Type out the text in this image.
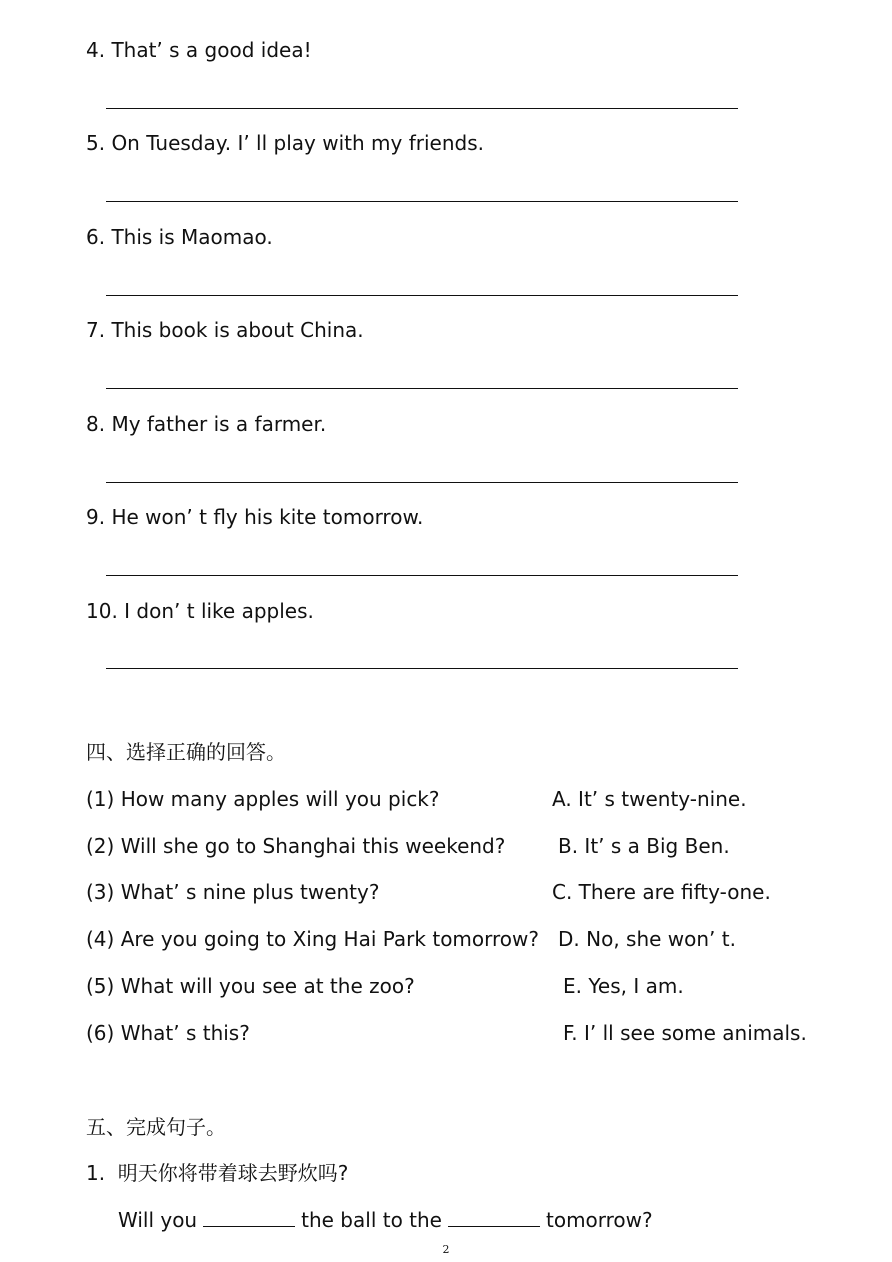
4. That’ s a good idea!
5. On Tuesday. I’ ll play with my friends.
6. This is Maomao.
7. This book is about China.
8. My father is a farmer.
9. He won’ t fly his kite tomorrow.
10. I don’ t like apples.
四、选择正确的回答。
(1) How many apples will you pick?	A. It’ s twenty-nine.
(2) Will she go to Shanghai this weekend?	B. It’ s a Big Ben.
(3) What’ s nine plus twenty?	C. There are fifty-one.
(4) Are you going to Xing Hai Park tomorrow? D. No, she won’ t.
(5) What will you see at the zoo?	E. Yes, I am.
(6) What’ s this?	F. I’ ll see some animals.
五、完成句子。
1.  明天你将带着球去野炊吗?
Will you	the ball to the	tomorrow?
2
